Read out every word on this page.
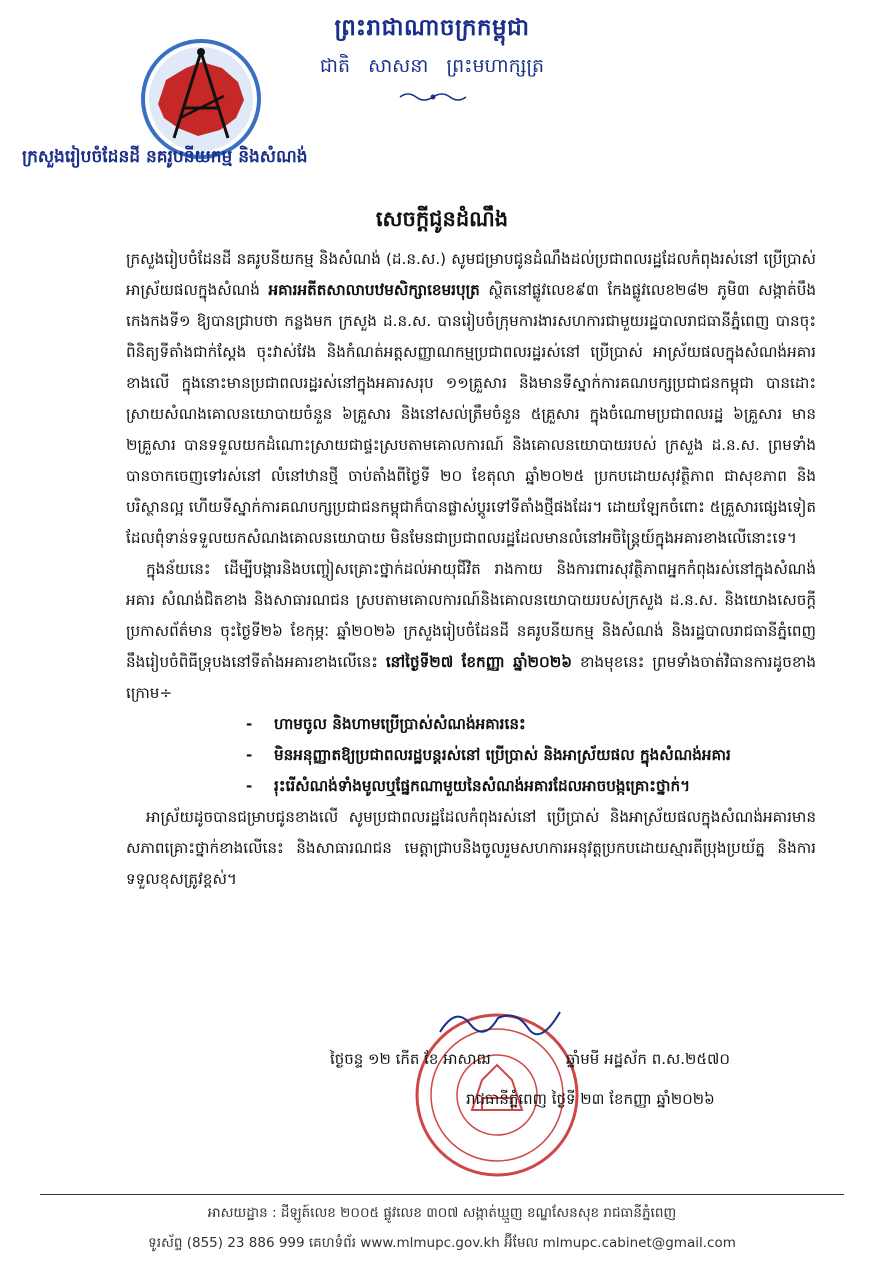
ព្រះរាជាណាចក្រកម្ពុជា
ជាតិ សាសនា ព្រះមហាក្សត្រ
ក្រសួងរៀបចំដែនដី នគរូបនីយកម្ម និងសំណង់
សេចក្តីជូនដំណឹង

ក្រសួងរៀបចំដែនដី នគរូបនីយកម្ម និងសំណង់ (ដ.ន.ស.) សូមជម្រាបជូនដំណឹងដល់ប្រជាពលរដ្ឋដែលកំពុងរស់នៅ ប្រើប្រាស់អាស្រ័យផលក្នុងសំណង់ អគារអតីតសាលាបឋមសិក្សាខេមរបុត្រ ស្ថិតនៅផ្លូវលេខ៩៣ កែងផ្លូវលេខ២៨២ ភូមិ៣ សង្កាត់បឹងកេងកងទី១ ឱ្យបានជ្រាបថា កន្លងមក ក្រសួង ដ.ន.ស. បានរៀបចំក្រុមការងារសហការជាមួយរដ្ឋបាលរាជធានីភ្នំពេញ បានចុះពិនិត្យទីតាំងជាក់ស្តែង ចុះវាស់វែង និងកំណត់អត្តសញ្ញាណកម្មប្រជាពលរដ្ឋរស់នៅ ប្រើប្រាស់ អាស្រ័យផលក្នុងសំណង់អគារខាងលើ ក្នុងនោះមានប្រជាពលរដ្ឋរស់នៅក្នុងអគារសរុប ១១គ្រួសារ និងមានទីស្នាក់ការគណបក្សប្រជាជនកម្ពុជា បានដោះស្រាយសំណងគោលនយោបាយចំនួន ៦គ្រួសារ និងនៅសល់ត្រឹមចំនួន ៥គ្រួសារ ក្នុងចំណោមប្រជាពលរដ្ឋ ៦គ្រួសារ មាន ២គ្រួសារ បានទទួលយកដំណោះស្រាយជាផ្ទះស្របតាមគោលការណ៍ និងគោលនយោបាយរបស់ ក្រសួង ដ.ន.ស. ព្រមទាំងបានចាកចេញទៅរស់នៅ លំនៅឋានថ្មី ចាប់តាំងពីថ្ងៃទី ២០ ខែតុលា ឆ្នាំ២០២៥ ប្រកបដោយសុវត្ថិភាព ជាសុខភាព និងបរិស្ថានល្អ ហើយទីស្នាក់ការគណបក្សប្រជាជនកម្ពុជាក៏បានផ្លាស់ប្តូរទៅទីតាំងថ្មីផងដែរ។ ដោយឡែកចំពោះ ៥គ្រួសារផ្សេងទៀតដែលពុំទាន់ទទួលយកសំណងគោលនយោបាយ មិនមែនជាប្រជាពលរដ្ឋដែលមានលំនៅអចិន្ត្រៃយ៍ក្នុងអគារខាងលើនោះទេ។

ក្នុងន័យនេះ ដើម្បីបង្ការនិងបញ្ចៀសគ្រោះថ្នាក់ដល់អាយុជីវិត រាងកាយ និងការពារសុវត្ថិភាពអ្នកកំពុងរស់នៅក្នុងសំណង់អគារ សំណង់ជិតខាង និងសាធារណជន ស្របតាមគោលការណ៍និងគោលនយោបាយរបស់ក្រសួង ដ.ន.ស. និងយោងសេចក្តីប្រកាសព័ត៌មាន ចុះថ្ងៃទី២៦ ខែកុម្ភៈ ឆ្នាំ២០២៦ ក្រសួងរៀបចំដែនដី នគរូបនីយកម្ម និងសំណង់ និងរដ្ឋបាលរាជធានីភ្នំពេញ នឹងរៀបចំពិធីទ្រុបងនៅទីតាំងអគារខាងលើនេះ នៅថ្ងៃទី២៧ ខែកញ្ញា ឆ្នាំ២០២៦ ខាងមុខនេះ ព្រមទាំងចាត់វិធានការដូចខាងក្រោម÷

- ហាមចូល និងហាមប្រើប្រាស់សំណង់អគារនេះ
- មិនអនុញ្ញាតឱ្យប្រជាពលរដ្ឋបន្តរស់នៅ ប្រើប្រាស់ និងអាស្រ័យផល ក្នុងសំណង់អគារ
- រុះរើសំណង់ទាំងមូលឬផ្នែកណាមួយនៃសំណង់អគារដែលអាចបង្កគ្រោះថ្នាក់។

អាស្រ័យដូចបានជម្រាបជូនខាងលើ សូមប្រជាពលរដ្ឋដែលកំពុងរស់នៅ ប្រើប្រាស់ និងអាស្រ័យផលក្នុងសំណង់អគារមានសភាពគ្រោះថ្នាក់ខាងលើនេះ និងសាធារណជន មេត្តាជ្រាបនិងចូលរួមសហការអនុវត្តប្រកបដោយស្មារតីប្រុងប្រយ័ត្ន និងការទទួលខុសត្រូវខ្ពស់។

រាជធានីភ្នំពេញ ថ្ងៃទី ២៣ ខែកញ្ញា ឆ្នាំ២០២៦
ថ្ងៃចន្ទ ១២ កើត ខែ អាសាឍ	ឆ្នាំមមី អដ្ឋស័ក ព.ស.២៥៧០
អាសយដ្ឋាន : ដីឡូត៍លេខ ២០០៥ ផ្លូវលេខ ៣០៧ សង្កាត់ឃ្មួញ ខណ្ឌសែនសុខ រាជធានីភ្នំពេញ
ទូរស័ព្ទ (855) 23 886 999 គេហទំព័រ www.mlmupc.gov.kh អ៊ីមែល mlmupc.cabinet@gmail.com
